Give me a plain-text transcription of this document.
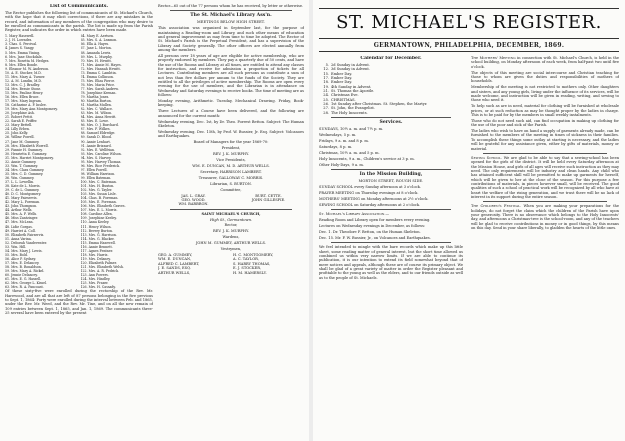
List of Communicants.

The Rector publishes the following list of communicants of St. Michael's Church, with the hope that it may elicit corrections, if there are any mistakes in the record, and information of any members of the congregation who may desire to be enrolled as communicants in the parish. The list is made up from the Parish Register, and indicates the order in which entries have been made.

1. Mary Hasewell.
2. J. H. Lowndes.
3. Chas. S. Percival.
4. James S. Vangy.
5. Mrs. Emma Vining.
6. Mrs. Jane Stockdale.
7. Mrs. Rosetta M. Hedges.
8. Mrs. Ellen Bonde.
9. Eleanor M. W. Anderson.
10. A. E. Stocker, M.D.
11. Mrs. Mary A. Turner.
12. A. M. Lundin, M.D.
13. Mrs. C. J. Bradley.
14. Mrs. Bessie Stone.
15. Mrs. Pauline Henry.
16. Mrs. Ellen Bruce.
17. Mrs. Mary Ingram.
18. Catharine A. P. Inslee.
19. Mrs. Mary Ann Montgomery.
20. Josephine Ash.
21. Robert Pettit.
22. Sarah E. Peiffer.
23. Mary Bettell.
24. Lilly Erben.
25. John Kelly.
26. Wilbur Powell.
27. Jane M. Gummey.
28. Mrs. Elizabeth Worrell.
29. Fannie H. Gummey.
30. Henrietta E. Gummey.
31. Mrs. Harriet Montgomery.
32. Annie Gummey.
33. Wm. T. Gummey.
34. Mrs. Clara Gummey.
35. Mrs. C. D. Gummey.
36. Wm. Gummey.
37. L. L. Lewellin.
38. Kate de L. Morris.
39. C. de L. Gummey.
40. D. C. Montgomery.
41. Mary Fairservis.
42. Mary L. Foreman.
43. John Thompson.
44. Arthur Wells.
45. Mrs. A. F. Wells.
46. Miss Zantzinger.
47. Mrs. McLean.
48. Lidie Gorgas.
49. Harriet A. Coll.
50. Elizabeth Fairservis.
51. Anna Varina.
52. Deborah Vandeventer.
53. Wm. Hill.
54. Mrs. Mary J. Lewis.
55. Mrs. Bold.
56. Alice P. Sydney.
57. Mrs. E. Delancey.
58. Mrs. B. Ronaldson.
59. Mrs. Mary A. Rickel.
60. Jennie Delancey.
61. Mrs. E. G. Hassell.
62. Mrs. George L. Kissel.
63. Mrs. R. A. Pancoast.
64. Mary E. Aertsen.
65. Mrs. S. A. Leamon.
66. Ella A. Hayes.
67. Jane L. Morton.
68. Amanda Lewis.
69. Mrs. L. Murphy.
70. Mrs. H. Hewitt.
71. Mrs. Annie M. Hayes.
72. Mrs. Hannah Hewitt.
73. Emma C. Lambtin.
74. Emma Collinson.
75. Mrs. Eliza Pierce.
76. Mrs. Maria Price.
77. Mrs. Sarah Andrew.
78. Josephine Keenan.
79. Martha Jones.
80. Martha Burton.
81. Martha Mullen.
82. Mrs. C. Wallace.
83. Mrs. M. Wilson.
84. Mrs. Anna Hewitt.
85. Mrs. E. Lowe.
86. Mrs. O. J. Burchard.
87. Mrs. F. Wilkes.
88. Samuel Eldredge.
89. Sarah D. Blood.
90. Annie Lenhart.
91. Annie Brizzard.
92. Mrs. E. Wellfrian.
93. Mrs. Caroline Wilson.
94. Mrs. S. Harvey.
95. Mrs. Harvey Thomas.
96. Mrs. Rice Frederick.
97. Ellen Powell.
98. William Harrison.
99. Ellen Bateman.
100. Mrs. C. Bateman.
101. Mrs. H. Buxton.
102. Mrs. G. Tayler.
103. Mrs. Susan Lisle.
104. Chas. B. Foreman.
105. Mrs. E. Foreman.
106. Mrs. Elizabeth Graves.
107. Mrs. E. L. Morris.
108. Caroline Allen.
109. Josephine Keeley.
110. Anna Keeley.
111. Henry Wilson.
112. Bevery Burton.
113. Mrs. G. Harrison.
114. Mrs. G. Blacker.
115. Emma Hasewell.
116. Annie Bennett.
117. Agnes Fentner.
118. Mrs. Harris.
119. Mrs. Delaney.
120. Elizabeth Palmer.
121. Mrs. Elizabeth Welsh.
122. Mrs. A. R. Pedrick.
123. Ann Powers.
124. Mrs. Hindley.
125. Mrs. Frazer.
126. Mrs. H. Cassady.

Of these sixty-five were enrolled during the rectorship of the Rev. Mr. Harewood, and are all that are left of 87 persons belonging in the five previous to Sept. 1, 1864: Forty were enrolled during the interval between Feb. and 1865, under the Rev. Mr. Weed, and the Rev. Mr. Tine, and on all the new remain of 109 entries between Sept. 1, 1865, and Jan. 1, 1869. The communicants three-25 several have been entered by the present

Rector—65 out of the 77 persons whom he has received, by letter or otherwise.

The St. Michael's Library Ass'n.

MEETINGS BELOW HIGH STREET.

This association was organized in September last, for the purpose of maintaining a Reading-room and Library, and such other means of education and general improvement as may from time to time be adopted. The Rector of St. Michael's Parish is the Perpetual President, and has a supervision of the Library and Society generally. The other officers are elected annually from among the members.

All persons over 18 years of age are eligible for active membership, who are properly endorsed by members. They pay a quarterly due of 50 cents, and have the use of the Rooms and Library at all times, are entitled to attend any classes for instruction, and receive for admission a proportion of tickets for all Lectures. Contributing members are all such persons as contribute a sum of not less than five dollars per annum to the funds of the Society. They are entitled to all the privileges of active membership. The Rooms are open every evening for the use of members, and the Librarian is in attendance on Wednesday and Saturday evenings to receive books. The time of meeting are as follows:

Monday evening, Arithmetic. Tuesday, Mechanical Drawing. Friday, Book-keeping.

Three Lectures of a Course have been delivered, and the following are announced for the current month:

Wednesday evening, Dec. 1st, by Dr. Theo. Forrest Betton. Subject: The Human Skeleton.

Wednesday evening, Dec. 15th, by Prof. W. Bussier, Jr. Esq. Subject: Volcanoes and Earthquakes.

Board of Managers for the year 1869-70:

President,

REV. J. K. MURPHY.

Vice Presidents,

WM. E. DUNCAN, M. D. ARTHUR WELLS.

Secretary, HARRISON LAMBERT.

Treasurer, GALLOWAY C. MORRIS.

Librarian, S. BURTON.

Committee,

JAS. L. GRAY.	BURT. CETTE.
GEO. WOOD.	JOHN GILLESPIE.
WM. BARBRON.

SAINT MICHAEL'S CHURCH,

High St., Germantown.

Rector,

REV. J. K. MURPHY.

Wardens,

JOHN M. GUMMEY, ARTHUR WELLS.

Vestrymen,

GEO. A. GUMMEY,	H. C. MONTGOMERY,
WM. E. DUNCAN,	A. C. TAYLOR,
ALFRED C. LAMBERT,	S. HARRY THOMAS,
J. E. SANDS, ESQ.	E. J. STOCKER,
ARTHUR WELLS,	H. M. HAMERSLY.
ST. MICHAEL'S REGISTER.
GERMANTOWN, PHILADELPHIA, DECEMBER, 1869.
Calendar for December.
5. 2d Sunday in Advent.
12. 3d Sunday in Advent.
15. Ember Day.
17. Ember Day.
18. Ember Day.
19. 4th Sunday in Advent.
21. St. Thomas the Apostle.
24. Christmas Eve.
25. CHRISTMAS.
26. 1st Sunday after Christmas. St. Stephen, the Martyr.
27. St. John, the Evangelist.
28. The Holy Innocents.
Services.

SUNDAYS, 10½ a. m. and 7½ p. m.

Wednesdays, 5 p. m.

Fridays, 9 a. m. and 8 p. m.

Saturdays, 8 p. m.

Christmas, 10½ a. m. and 5 p. m.

Holy Innocents, 9 a. m., Children's service at 3 p. m.

Other Holy-Days, 9 a. m.

In the Mission Building,

MORTON STREET, ROUGH SIDE.

SUNDAY SCHOOL every Sunday afternoon at 3 o'clock.

PRAYER MEETING on Thursday evenings at 8 o'clock.

MOTHERS' MEETING on Monday afternoons at 2½ o'clock.

SEWING SCHOOL on Saturday afternoons at 2 o'clock.

St. Michael's Library Association.—

Reading Room and Library open for members every evening.

Lectures on Wednesday evenings in December, as follows:

Dec. 1. Dr. Theodore F. Betton, on the Human Skeleton.

Dec. 15. Mr. F. W. Bussier, Jr., on Volcanoes and Earthquakes.

We feel intended to mingle with the bare records which make up this little sheet, some reading matter of general interest, but the short time allowed us combined us within very narrow limits. If we are able to continue its publication, it is our intention to extend its field somewhat beyond that of mere notices and appeals, although these are of course its primary object. We shall be glad of a great variety of matter in order the Register pleasant and profitable to the young as well as the elders, and to our friends outside as well as to the people of St. Michaels.

The Mothers' Meeting in connection with St. Michael's Church, is held in the school building, on Monday afternoon of each week, from half-past two until five o'clock.

The objects of this meeting are social intercourse and Christian teaching for those to whom are given the duties and responsibilities of mothers of households.

Membership of the meeting is not restricted to mothers only. Other daughters and sisters, and any young girls, living under the influence of its services, will be made welcome, and instruction will be given in reading, writing, and sewing to those who need it.

To help such as are in need, material for clothing will be furnished at wholesale prices, or at such reduction as may be thought proper by the ladies in charge. This is to be paid for by the members in small weekly instalments.

Those who do not need such aid, can find occupation in making up clothing for the use of the poor and sick of the Parish.

The ladies who wish to have on hand a supply of garments already made, can be furnished to the members of the meeting in times of sickness in their families. To accomplish these things some outlay at starting is necessary, and the ladies will be grateful for any assistance given, either by gifts of materials, money or material.

Sewing School. We are glad to be able to say that a sewing-school has been opened for the girls of the district. It will be held every Saturday afternoon at the Mission House, and girls of all ages will receive such instruction as they may need. The only requirements will be industry and clean hands. Any child who has attained sufficient skill will be permitted to make up garments for herself, which will be given to her at the close of the season. For this purpose a few contributions of materials, in pieces however small, will be received. The good qualities of such a school of practical work will be recognized by all who have at heart the welfare of the rising generation, and we trust there will be no lack of interest in its support during the entire season.

The Children's Festival. When you are making your preparations for the holidays, do not forget the claim which the children of the Parish have upon your generosity. There is no observance which belongs to the Holy Innocents' day, and afternoons a Christmas-tree is the school-room, and any of the teachers will be glad to receive contributions in money or in good things, by this means on this day. Send in your share liberally, to gladden the hearts of the little ones.
